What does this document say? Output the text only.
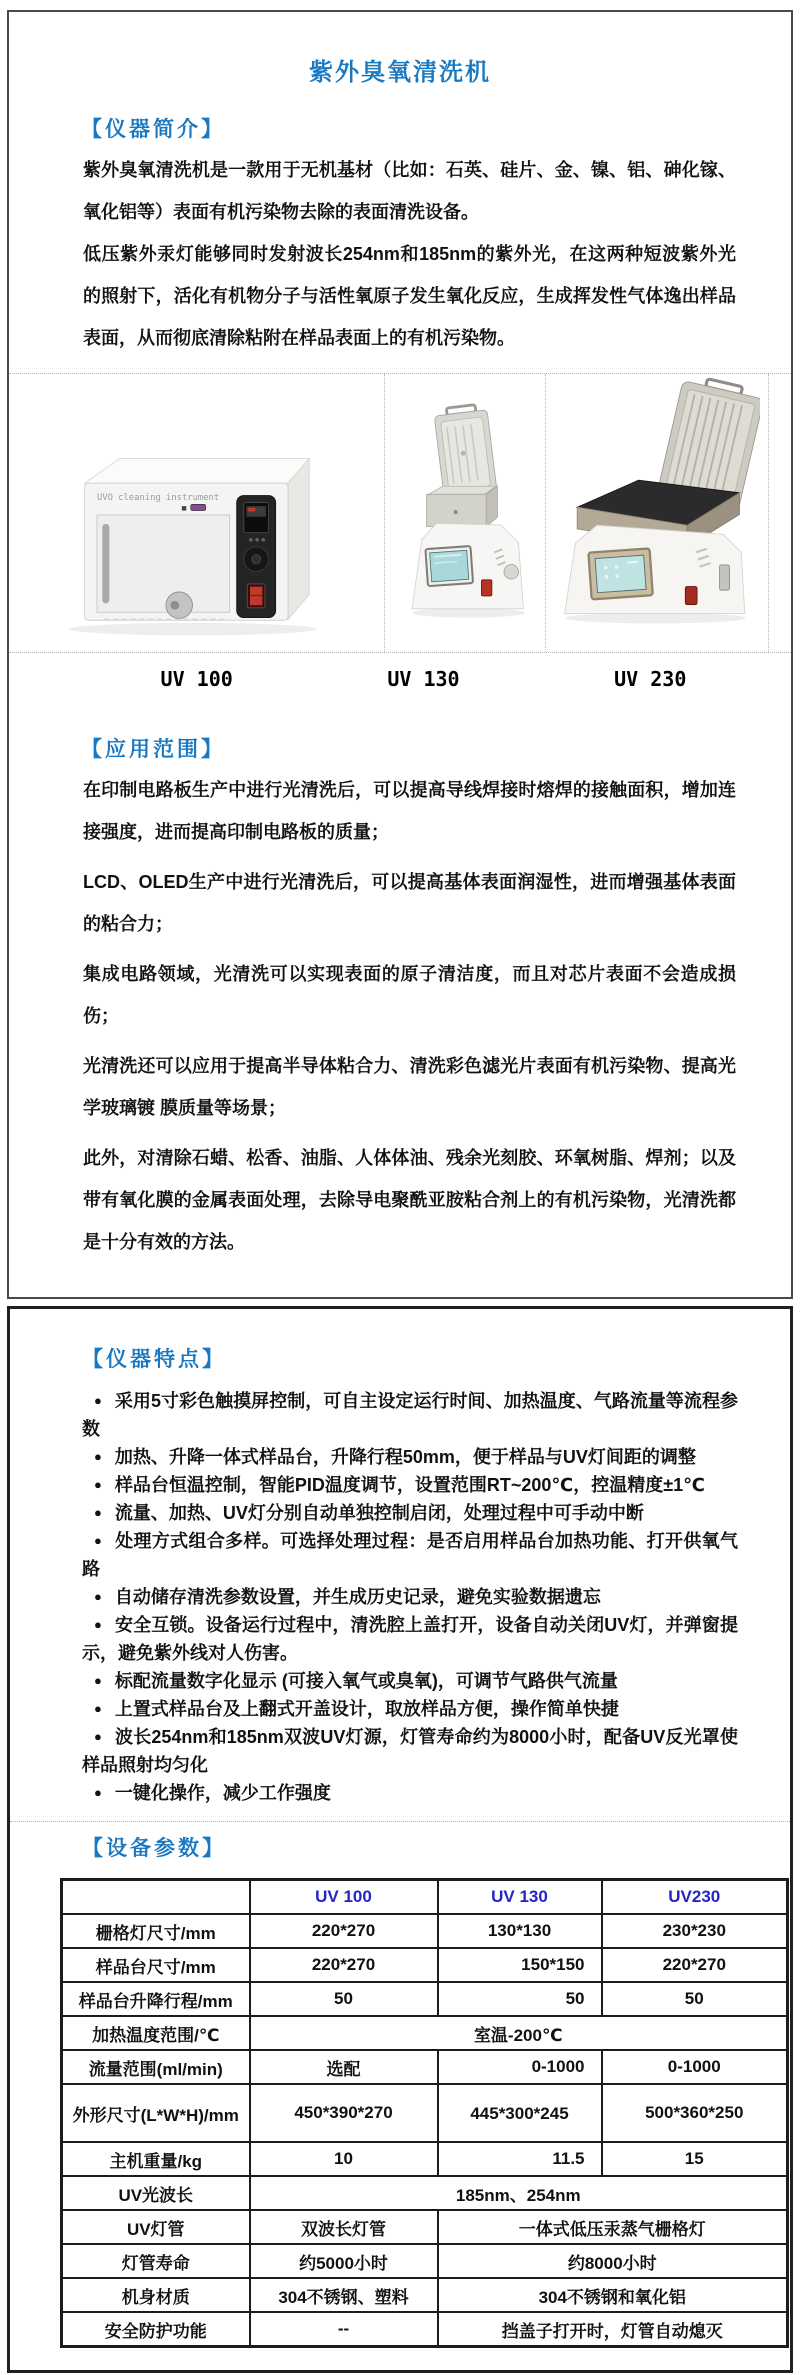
紫外臭氧清洗机
【仪器简介】

紫外臭氧清洗机是一款用于无机基材（比如：石英、硅片、金、镍、铝、砷化镓、氧化铝等）表面有机污染物去除的表面清洗设备。

低压紫外汞灯能够同时发射波长254nm和185nm的紫外光，在这两种短波紫外光的照射下，活化有机物分子与活性氧原子发生氧化反应，生成挥发性气体逸出样品表面，从而彻底清除粘附在样品表面上的有机污染物。

UVO cleaning instrument
UV 100	UV 130	UV 230
【应用范围】

在印制电路板生产中进行光清洗后，可以提高导线焊接时熔焊的接触面积，增加连接强度，进而提高印制电路板的质量；

LCD、OLED生产中进行光清洗后，可以提高基体表面润湿性，进而增强基体表面的粘合力；

集成电路领域，光清洗可以实现表面的原子清洁度，而且对芯片表面不会造成损伤；

光清洗还可以应用于提高半导体粘合力、清洗彩色滤光片表面有机污染物、提高光学玻璃镀 膜质量等场景；

此外，对清除石蜡、松香、油脂、人体体油、残余光刻胶、环氧树脂、焊剂；以及带有氧化膜的金属表面处理，去除导电聚酰亚胺粘合剂上的有机污染物，光清洗都是十分有效的方法。

【仪器特点】

● 采用5寸彩色触摸屏控制，可自主设定运行时间、加热温度、气路流量等流程参数

● 加热、升降一体式样品台，升降行程50mm，便于样品与UV灯间距的调整

● 样品台恒温控制，智能PID温度调节，设置范围RT~200℃，控温精度±1℃

● 流量、加热、UV灯分别自动单独控制启闭，处理过程中可手动中断

● 处理方式组合多样。可选择处理过程：是否启用样品台加热功能、打开供氧气路

● 自动储存清洗参数设置，并生成历史记录，避免实验数据遗忘

● 安全互锁。设备运行过程中，清洗腔上盖打开，设备自动关闭UV灯，并弹窗提示，避免紫外线对人伤害。

● 标配流量数字化显示 (可接入氧气或臭氧)，可调节气路供气流量

● 上置式样品台及上翻式开盖设计，取放样品方便，操作简单快捷

● 波长254nm和185nm双波UV灯源，灯管寿命约为8000小时，配备UV反光罩使样品照射均匀化

● 一键化操作，减少工作强度

【设备参数】
	UV 100	UV 130	UV230
栅格灯尺寸/mm	220*270	130*130	230*230
样品台尺寸/mm	220*270	150*150	220*270
样品台升降行程/mm	50	50	50
加热温度范围/℃	室温-200℃		
流量范围(ml/min)	选配	0-1000	0-1000
外形尺寸(L*W*H)/mm	450*390*270	445*300*245	500*360*250
主机重量/kg	10	11.5	15
UV光波长	185nm、254nm		
UV灯管	双波长灯管	一体式低压汞蒸气栅格灯	
灯管寿命	约5000小时	约8000小时	
机身材质	304不锈钢、塑料	304不锈钢和氧化铝	
安全防护功能	--	挡盖子打开时，灯管自动熄灭	
